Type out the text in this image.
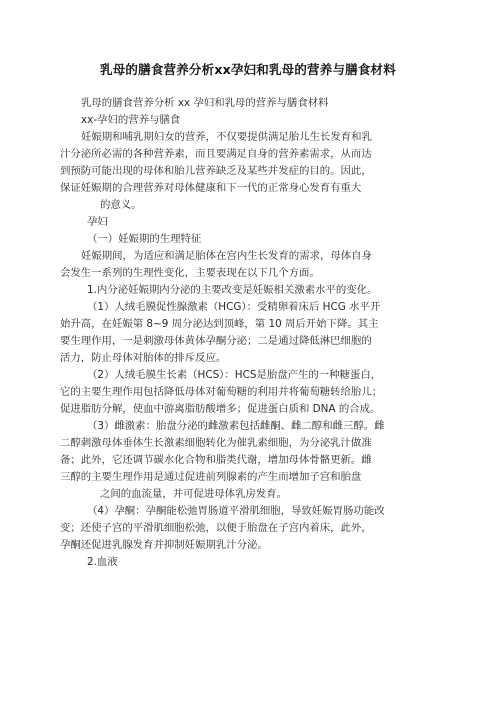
乳母的膳食营养分析xx孕妇和乳母的营养与膳食材料
乳母的膳食营养分析 xx 孕妇和乳母的营养与膳食材料
xx-孕妇的营养与膳食
妊娠期和哺乳期妇女的营养，不仅要提供满足胎儿生长发育和乳
汁分泌所必需的各种营养素，而且要满足自身的营养素需求，从而达
到预防可能出现的母体和胎儿营养缺乏及某些并发症的目的。因此，
保证妊娠期的合理营养对母体健康和下一代的正常身心发育有重大
的意义。
孕妇
（一）妊娠期的生理特征
妊娠期间，为适应和满足胎体在宫内生长发育的需求，母体自身
会发生一系列的生理性变化，主要表现在以下几个方面。
1.内分泌妊娠期内分泌的主要改变是妊娠相关激素水平的变化。
（1）人绒毛膜促性腺激素（HCG）：受精卵着床后 HCG 水平开
始升高，在妊娠第 8~9 周分泌达到顶峰，第 10 周后开始下降。其主
要生理作用，一是刺激母体黄体孕酮分泌；二是通过降低淋巴细胞的
活力，防止母体对胎体的排斥反应。
（2）人绒毛膜生长素（HCS）：HCS是胎盘产生的一种糖蛋白，
它的主要生理作用包括降低母体对葡萄糖的利用并将葡萄糖转给胎儿；
促进脂肪分解，使血中游离脂肪酸增多；促进蛋白质和 DNA 的合成。
（3）雌激素：胎盘分泌的雌激素包括雌酮、雌二醇和雌三醇。雌
二醇刺激母体垂体生长激素细胞转化为催乳素细胞，为分泌乳汁做准
备；此外，它还调节碳水化合物和脂类代谢，增加母体骨骼更新。雌
三醇的主要生理作用是通过促进前列腺素的产生而增加子宫和胎盘
之间的血流量，并可促进母体乳房发育。
（4）孕酮：孕酮能松弛胃肠道平滑肌细胞，导致妊娠胃肠功能改
变；还使子宫的平滑肌细胞松弛，以便于胎盘在子宫内着床，此外，
孕酮还促进乳腺发育并抑制妊娠期乳汁分泌。
2.血液
